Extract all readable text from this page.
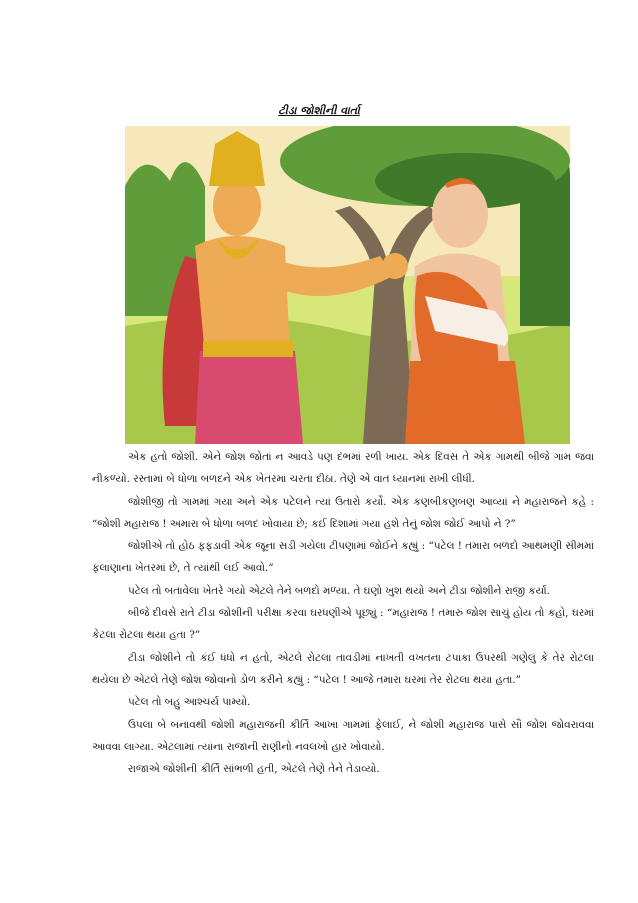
ટીડા જોશીની વાર્તા

એક હતો જોશી. એને જોશ જોતાં ન આવડે પણ દંભમાં રળી ખાય. એક દિવસ તે એક ગામથી બીજે ગામ જવા નીકળ્યો. રસ્તામાં બે ધોળા બળદને એક ખેતરમાં ચરતા દીઠા. તેણે એ વાત ધ્યાનમાં રાખી લીધી.

જોશીજી તો ગામમાં ગયા અને એક પટેલને ત્યાં ઉતારો કર્યો. એક કણબીકણબણ આવ્યાં ને મહારાજને કહે : “જોશી મહારાજ ! અમારા બે ધોળા બળદ ખોવાયા છે; કઈ દિશામાં ગયા હશે તેનું જોશ જોઈ આપો ને ?”

જોશીએ તો હોઠ ફફડાવી એક જૂના સડી ગયેલા ટીપણામાં જોઈને કહ્યું : “પટેલ ! તમારા બળદો આથમણી સીમમાં ફલાણાના ખેતરમાં છે, તે ત્યાંથી લઈ આવો.”

પટેલ તો બતાવેલા ખેતરે ગયો એટલે તેને બળદો મળ્યા. તે ઘણો ખુશ થયો અને ટીડા જોશીને રાજી કર્યા.

બીજે દીવસે રાતે ટીડા જોશીની પરીક્ષા કરવા ઘરધણીએ પૂછ્યું : “મહારાજ ! તમારું જોશ સાચું હોય તો કહો, ઘરમાં કેટલા રોટલા થયા હતા ?”

ટીડા જોશીને તો કંઈ ધંધો ન હતો, એટલે રોટલા તાવડીમાં નાખતી વખતના ટપાકા ઉપરથી ગણેલું કે તેર રોટલા થયેલા છે એટલે તેણે જોશ જોવાનો ડોળ કરીને કહ્યું : “પટેલ ! આજે તમારા ઘરમાં તેર રોટલા થયા હતા.”

પટેલ તો બહુ આશ્ચર્ય પામ્યો.

ઉપલા બે બનાવથી જોશી મહારાજની કીર્તિ આખા ગામમાં ફેલાઈ, ને જોશી મહારાજ પાસે સૌ જોશ જોવરાવવા આવવા લાગ્યા. એટલામાં ત્યાંના રાજાની રાણીનો નવલખો હાર ખોવાયો.

રાજાએ જોશીની કીર્તિ સાંભળી હતી, એટલે તેણે તેને તેડાવ્યો.
